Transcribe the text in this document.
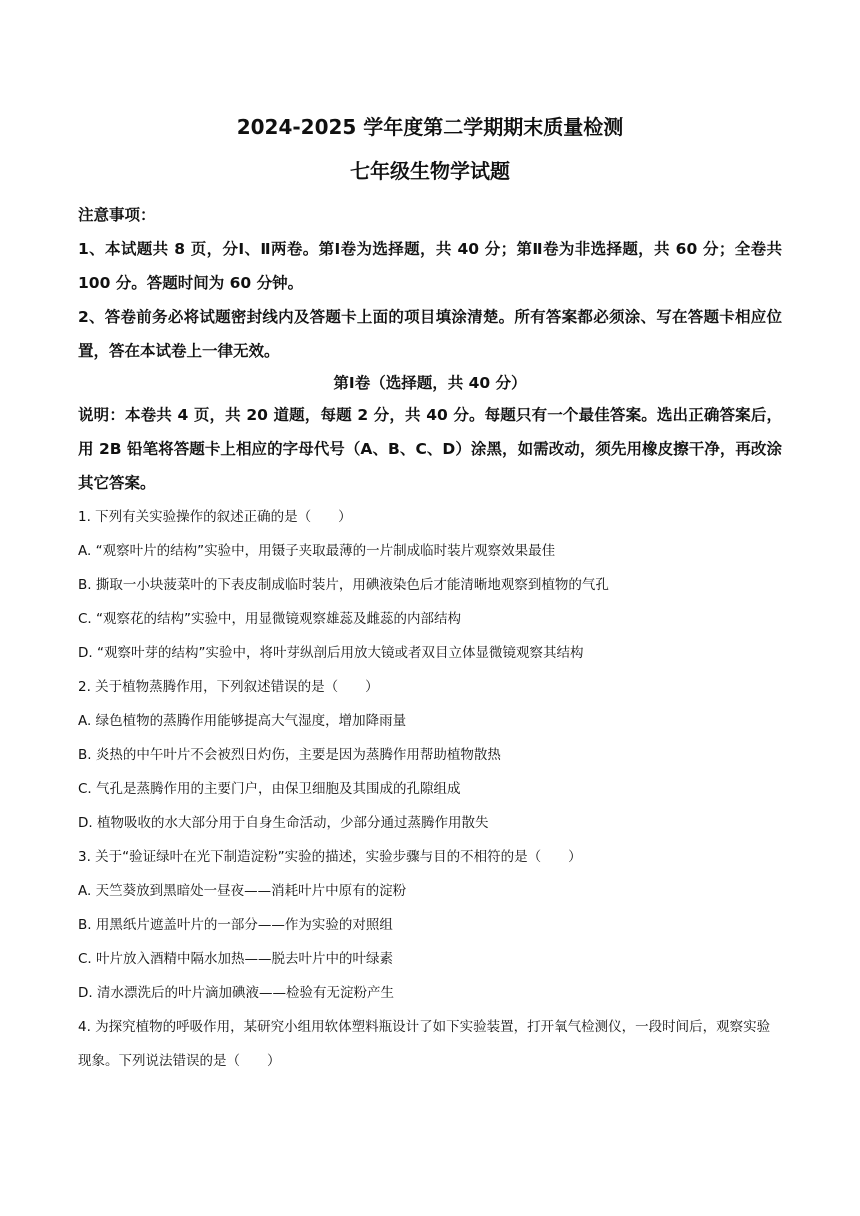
2024-2025 学年度第二学期期末质量检测
七年级生物学试题

注意事项：

1、本试题共 8 页，分Ⅰ、Ⅱ两卷。第Ⅰ卷为选择题，共 40 分；第Ⅱ卷为非选择题，共 60 分；全卷共 100 分。答题时间为 60 分钟。

2、答卷前务必将试题密封线内及答题卡上面的项目填涂清楚。所有答案都必须涂、写在答题卡相应位置，答在本试卷上一律无效。

第Ⅰ卷（选择题，共 40 分）

说明：本卷共 4 页，共 20 道题，每题 2 分，共 40 分。每题只有一个最佳答案。选出正确答案后，用 2B 铅笔将答题卡上相应的字母代号（A、B、C、D）涂黑，如需改动，须先用橡皮擦干净，再改涂其它答案。

1. 下列有关实验操作的叙述正确的是（　　）

A. “观察叶片的结构”实验中，用镊子夹取最薄的一片制成临时装片观察效果最佳

B. 撕取一小块菠菜叶的下表皮制成临时装片，用碘液染色后才能清晰地观察到植物的气孔

C. “观察花的结构”实验中，用显微镜观察雄蕊及雌蕊的内部结构

D. “观察叶芽的结构”实验中，将叶芽纵剖后用放大镜或者双目立体显微镜观察其结构

2. 关于植物蒸腾作用，下列叙述错误的是（　　）

A. 绿色植物的蒸腾作用能够提高大气湿度，增加降雨量

B. 炎热的中午叶片不会被烈日灼伤，主要是因为蒸腾作用帮助植物散热

C. 气孔是蒸腾作用的主要门户，由保卫细胞及其围成的孔隙组成

D. 植物吸收的水大部分用于自身生命活动，少部分通过蒸腾作用散失

3. 关于“验证绿叶在光下制造淀粉”实验的描述，实验步骤与目的不相符的是（　　）

A. 天竺葵放到黑暗处一昼夜——消耗叶片中原有的淀粉

B. 用黑纸片遮盖叶片的一部分——作为实验的对照组

C. 叶片放入酒精中隔水加热——脱去叶片中的叶绿素

D. 清水漂洗后的叶片滴加碘液——检验有无淀粉产生

4. 为探究植物的呼吸作用，某研究小组用软体塑料瓶设计了如下实验装置，打开氧气检测仪，一段时间后，观察实验现象。下列说法错误的是（　　）
